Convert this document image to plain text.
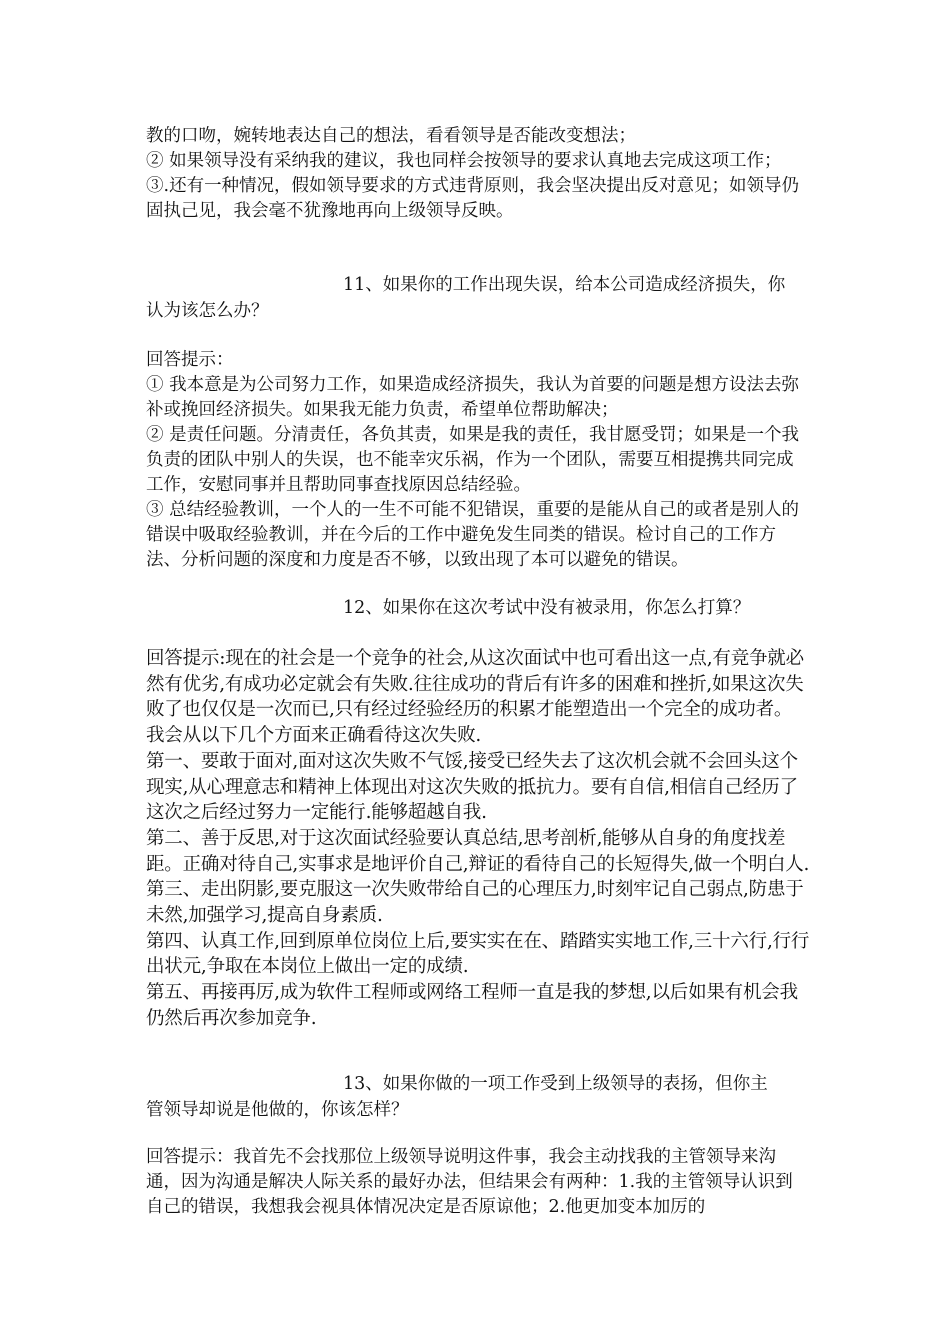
教的口吻，婉转地表达自己的想法，看看领导是否能改变想法；

② 如果领导没有采纳我的建议，我也同样会按领导的要求认真地去完成这项工作；

③.还有一种情况，假如领导要求的方式违背原则，我会坚决提出反对意见；如领导仍固执己见，我会毫不犹豫地再向上级领导反映。

11、如果你的工作出现失误，给本公司造成经济损失，你
认为该怎么办？

回答提示：

① 我本意是为公司努力工作，如果造成经济损失，我认为首要的问题是想方设法去弥补或挽回经济损失。如果我无能力负责，希望单位帮助解决；

② 是责任问题。分清责任，各负其责，如果是我的责任，我甘愿受罚；如果是一个我负责的团队中别人的失误，也不能幸灾乐祸，作为一个团队，需要互相提携共同完成工作，安慰同事并且帮助同事查找原因总结经验。

③ 总结经验教训，一个人的一生不可能不犯错误，重要的是能从自己的或者是别人的错误中吸取经验教训，并在今后的工作中避免发生同类的错误。检讨自己的工作方法、分析问题的深度和力度是否不够，以致出现了本可以避免的错误。

12、如果你在这次考试中没有被录用，你怎么打算？

回答提示:现在的社会是一个竞争的社会,从这次面试中也可看出这一点,有竞争就必然有优劣,有成功必定就会有失败.往往成功的背后有许多的困难和挫折,如果这次失败了也仅仅是一次而已,只有经过经验经历的积累才能塑造出一个完全的成功者。我会从以下几个方面来正确看待这次失败.

第一、要敢于面对,面对这次失败不气馁,接受已经失去了这次机会就不会回头这个现实,从心理意志和精神上体现出对这次失败的抵抗力。要有自信,相信自己经历了这次之后经过努力一定能行.能够超越自我.

第二、善于反思,对于这次面试经验要认真总结,思考剖析,能够从自身的角度找差距。正确对待自己,实事求是地评价自己,辩证的看待自己的长短得失,做一个明白人.

第三、走出阴影,要克服这一次失败带给自己的心理压力,时刻牢记自己弱点,防患于未然,加强学习,提高自身素质.

第四、认真工作,回到原单位岗位上后,要实实在在、踏踏实实地工作,三十六行,行行出状元,争取在本岗位上做出一定的成绩.

第五、再接再厉,成为软件工程师或网络工程师一直是我的梦想,以后如果有机会我仍然后再次参加竞争.

13、如果你做的一项工作受到上级领导的表扬，但你主
管领导却说是他做的，你该怎样？

回答提示：我首先不会找那位上级领导说明这件事，我会主动找我的主管领导来沟通，因为沟通是解决人际关系的最好办法，但结果会有两种：1.我的主管领导认识到自己的错误，我想我会视具体情况决定是否原谅他；2.他更加变本加厉的
